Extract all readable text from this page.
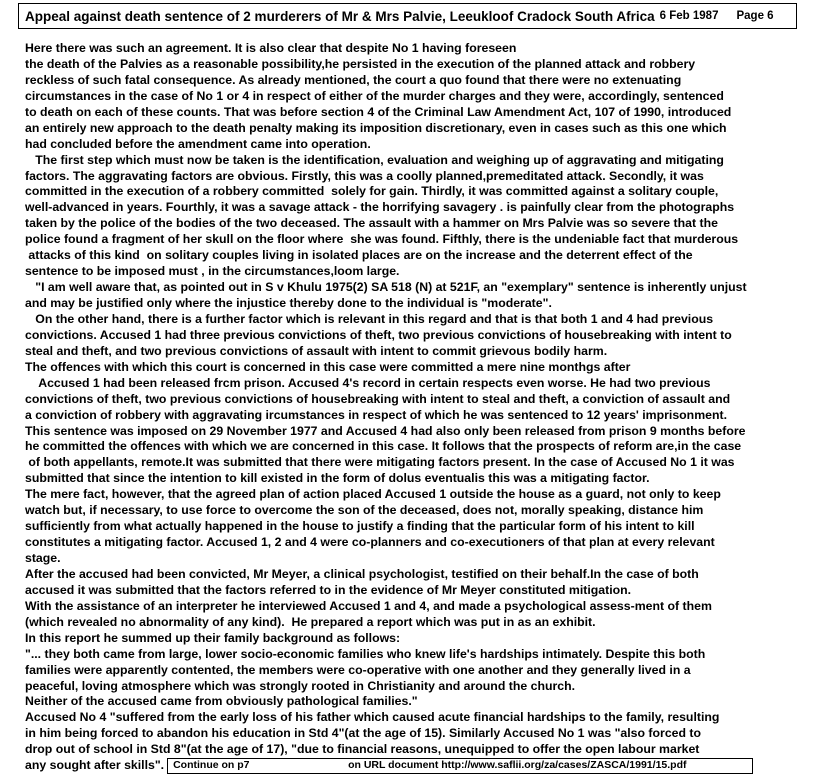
Appeal against death sentence of 2 murderers of Mr & Mrs Palvie, Leeukloof Cradock South Africa 6 Feb 1987 Page 6
Here there was such an agreement. It is also clear that despite No 1 having foreseen
the death of the Palvies as a reasonable possibility,he persisted in the execution of the planned attack and robbery
reckless of such fatal consequence. As already mentioned, the court a quo found that there were no extenuating
circumstances in the case of No 1 or 4 in respect of either of the murder charges and they were, accordingly, sentenced
to death on each of these counts. That was before section 4 of the Criminal Law Amendment Act, 107 of 1990, introduced
an entirely new approach to the death penalty making its imposition discretionary, even in cases such as this one which
had concluded before the amendment came into operation.
The first step which must now be taken is the identification, evaluation and weighing up of aggravating and mitigating
factors. The aggravating factors are obvious. Firstly, this was a coolly planned,premeditated attack. Secondly, it was
committed in the execution of a robbery committed  solely for gain. Thirdly, it was committed against a solitary couple,
well-advanced in years. Fourthly, it was a savage attack - the horrifying savagery . is painfully clear from the photographs
taken by the police of the bodies of the two deceased. The assault with a hammer on Mrs Palvie was so severe that the
police found a fragment of her skull on the floor where  she was found. Fifthly, there is the undeniable fact that murderous
attacks of this kind  on solitary couples living in isolated places are on the increase and the deterrent effect of the
sentence to be imposed must , in the circumstances,loom large.
"I am well aware that, as pointed out in S v Khulu 1975(2) SA 518 (N) at 521F, an "exemplary" sentence is inherently unjust
and may be justified only where the injustice thereby done to the individual is "moderate".
On the other hand, there is a further factor which is relevant in this regard and that is that both 1 and 4 had previous
convictions. Accused 1 had three previous convictions of theft, two previous convictions of housebreaking with intent to
steal and theft, and two previous convictions of assault with intent to commit grievous bodily harm.
The offences with which this court is concerned in this case were committed a mere nine monthgs after
Accused 1 had been released frcm prison. Accused 4's record in certain respects even worse. He had two previous
convictions of theft, two previous convictions of housebreaking with intent to steal and theft, a conviction of assault and
a conviction of robbery with aggravating ircumstances in respect of which he was sentenced to 12 years' imprisonment.
This sentence was imposed on 29 November 1977 and Accused 4 had also only been released from prison 9 months before
he committed the offences with which we are concerned in this case. It follows that the prospects of reform are,in the case
of both appellants, remote.It was submitted that there were mitigating factors present. In the case of Accused No 1 it was
submitted that since the intention to kill existed in the form of dolus eventualis this was a mitigating factor.
The mere fact, however, that the agreed plan of action placed Accused 1 outside the house as a guard, not only to keep
watch but, if necessary, to use force to overcome the son of the deceased, does not, morally speaking, distance him
sufficiently from what actually happened in the house to justify a finding that the particular form of his intent to kill
constitutes a mitigating factor. Accused 1, 2 and 4 were co-planners and co-executioners of that plan at every relevant
stage.
After the accused had been convicted, Mr Meyer, a clinical psychologist, testified on their behalf.In the case of both
accused it was submitted that the factors referred to in the evidence of Mr Meyer constituted mitigation.
With the assistance of an interpreter he interviewed Accused 1 and 4, and made a psychological assess-ment of them
(which revealed no abnormality of any kind).  He prepared a report which was put in as an exhibit.
In this report he summed up their family background as follows:
"... they both came from large, lower socio-economic families who knew life's hardships intimately. Despite this both
families were apparently contented, the members were co-operative with one another and they generally lived in a
peaceful, loving atmosphere which was strongly rooted in Christianity and around the church.
Neither of the accused came from obviously pathological families."
Accused No 4 "suffered from the early loss of his father which caused acute financial hardships to the family, resulting
in him being forced to abandon his education in Std 4"(at the age of 15). Similarly Accused No 1 was "also forced to
drop out of school in Std 8"(at the age of 17), "due to financial reasons, unequipped to offer the open labour market
any sought after skills". Continue on p7	on URL document http://www.saflii.org/za/cases/ZASCA/1991/15.pdf
